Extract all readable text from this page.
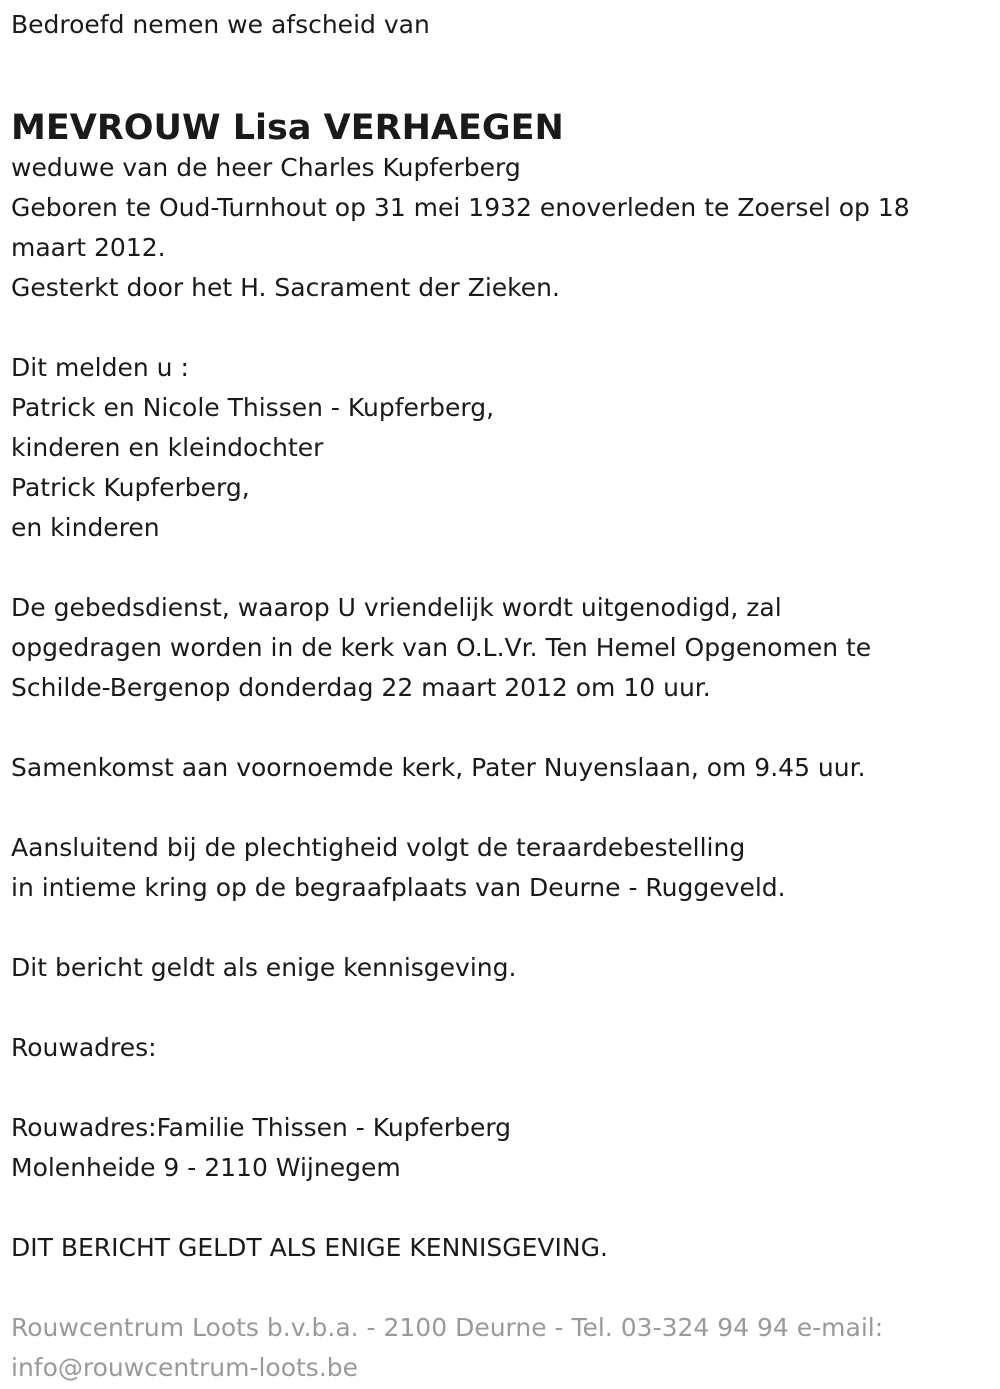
Bedroefd nemen we afscheid van
MEVROUW Lisa VERHAEGEN
weduwe van de heer Charles Kupferberg
Geboren te Oud-Turnhout op 31 mei 1932 enoverleden te Zoersel op 18 maart 2012.
Gesterkt door het H. Sacrament der Zieken.
Dit melden u :
Patrick en Nicole Thissen - Kupferberg,
kinderen en kleindochter
Patrick Kupferberg,
en kinderen
De gebedsdienst, waarop U vriendelijk wordt uitgenodigd, zal
opgedragen worden in de kerk van O.L.Vr. Ten Hemel Opgenomen te
Schilde-Bergenop donderdag 22 maart 2012 om 10 uur.
Samenkomst aan voornoemde kerk, Pater Nuyenslaan, om 9.45 uur.
Aansluitend bij de plechtigheid volgt de teraardebestelling
in intieme kring op de begraafplaats van Deurne - Ruggeveld.
Dit bericht geldt als enige kennisgeving.
Rouwadres:
Rouwadres:Familie Thissen - Kupferberg
Molenheide 9 - 2110 Wijnegem
DIT BERICHT GELDT ALS ENIGE KENNISGEVING.
Rouwcentrum Loots b.v.b.a. - 2100 Deurne - Tel. 03-324 94 94 e-mail: info@rouwcentrum-loots.be
